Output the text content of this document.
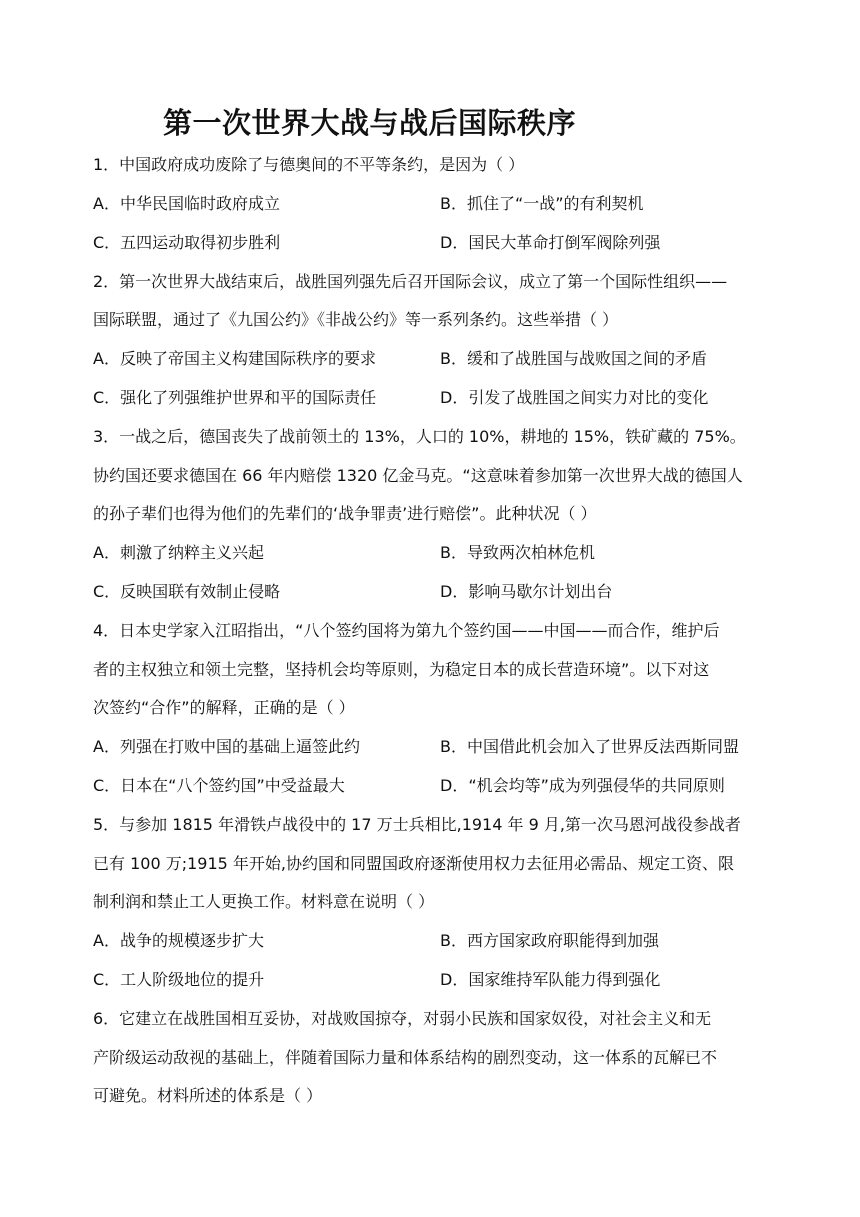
第一次世界大战与战后国际秩序
1．中国政府成功废除了与德奥间的不平等条约，是因为（ ）
A．中华民国临时政府成立	B．抓住了“一战”的有利契机
C．五四运动取得初步胜利	D．国民大革命打倒军阀除列强
2．第一次世界大战结束后，战胜国列强先后召开国际会议，成立了第一个国际性组织——
国际联盟，通过了《九国公约》《非战公约》等一系列条约。这些举措（ ）
A．反映了帝国主义构建国际秩序的要求	B．缓和了战胜国与战败国之间的矛盾
C．强化了列强维护世界和平的国际责任	D．引发了战胜国之间实力对比的变化
3．一战之后，德国丧失了战前领土的 13%，人口的 10%，耕地的 15%，铁矿藏的 75%。
协约国还要求德国在 66 年内赔偿 1320 亿金马克。“这意味着参加第一次世界大战的德国人
的孙子辈们也得为他们的先辈们的‘战争罪责’进行赔偿”。此种状况（ ）
A．刺激了纳粹主义兴起	B．导致两次柏林危机
C．反映国联有效制止侵略	D．影响马歇尔计划出台
4．日本史学家入江昭指出，“八个签约国将为第九个签约国——中国——而合作，维护后
者的主权独立和领土完整，坚持机会均等原则，为稳定日本的成长营造环境”。以下对这
次签约“合作”的解释，正确的是（ ）
A．列强在打败中国的基础上逼签此约	B．中国借此机会加入了世界反法西斯同盟
C．日本在“八个签约国”中受益最大	D．“机会均等”成为列强侵华的共同原则
5．与参加 1815 年滑铁卢战役中的 17 万士兵相比,1914 年 9 月,第一次马恩河战役参战者
已有 100 万;1915 年开始,协约国和同盟国政府逐渐使用权力去征用必需品、规定工资、限
制利润和禁止工人更换工作。材料意在说明（ ）
A．战争的规模逐步扩大	B．西方国家政府职能得到加强
C．工人阶级地位的提升	D．国家维持军队能力得到强化
6．它建立在战胜国相互妥协，对战败国掠夺，对弱小民族和国家奴役，对社会主义和无
产阶级运动敌视的基础上，伴随着国际力量和体系结构的剧烈变动，这一体系的瓦解已不
可避免。材料所述的体系是（ ）
